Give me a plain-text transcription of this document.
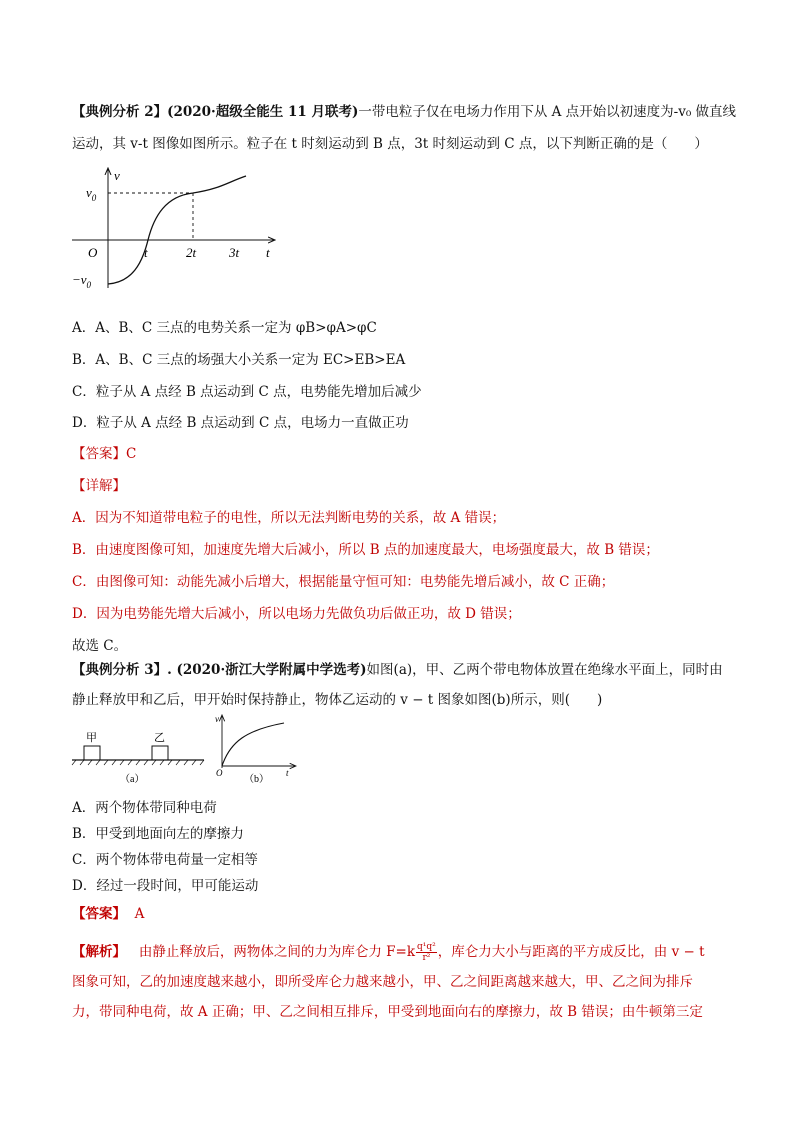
【典例分析 2】(2020·超级全能生 11 月联考)一带电粒子仅在电场力作用下从 A 点开始以初速度为-v₀ 做直线
运动，其 v-t 图像如图所示。粒子在 t 时刻运动到 B 点，3t 时刻运动到 C 点，以下判断正确的是（　　）
v
$v_0$
O	t	2t	3t t
$-v_0$
A．A、B、C 三点的电势关系一定为 φB>φA>φC
B．A、B、C 三点的场强大小关系一定为 EC>EB>EA
C．粒子从 A 点经 B 点运动到 C 点，电势能先增加后减少
D．粒子从 A 点经 B 点运动到 C 点，电场力一直做正功
【答案】C
【详解】
A．因为不知道带电粒子的电性，所以无法判断电势的关系，故 A 错误；
B．由速度图像可知，加速度先增大后减小，所以 B 点的加速度最大，电场强度最大，故 B 错误；
C．由图像可知：动能先减小后增大，根据能量守恒可知：电势能先增后减小，故 C 正确；
D．因为电势能先增大后减小，所以电场力先做负功后做正功，故 D 错误；
故选 C。
【典例分析 3】. (2020·浙江大学附属中学选考)如图(a)，甲、乙两个带电物体放置在绝缘水平面上，同时由
静止释放甲和乙后，甲开始时保持静止，物体乙运动的 v − t 图象如图(b)所示，则(　　)
甲	乙
（a）
v
O	t
（b）
A．两个物体带同种电荷
B．甲受到地面向左的摩擦力
C．两个物体带电荷量一定相等
D．经过一段时间，甲可能运动
【答案】 A
【解析】 由静止释放后，两物体之间的力为库仑力 $F=k \frac{\text{q¹q²}}{\text{r²}}$ ，库仑力大小与距离的平方成反比，由 v − t
图象可知，乙的加速度越来越小，即所受库仑力越来越小，甲、乙之间距离越来越大，甲、乙之间为排斥
力，带同种电荷，故 A 正确；甲、乙之间相互排斥，甲受到地面向右的摩擦力，故 B 错误；由牛顿第三定
